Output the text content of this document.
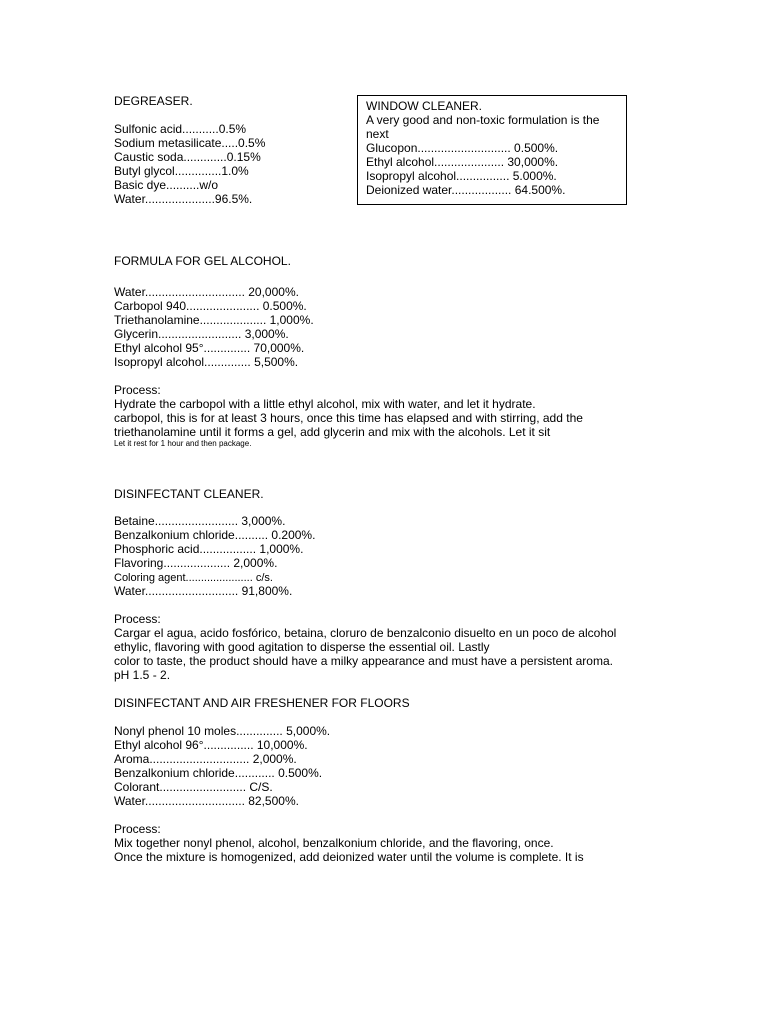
DEGREASER.
Sulfonic acid...........0.5%
Sodium metasilicate.....0.5%
Caustic soda.............0.15%
Butyl glycol..............1.0%
Basic dye..........w/o
Water.....................96.5%.
WINDOW CLEANER.
A very good and non-toxic formulation is the
next
Glucopon............................ 0.500%.
Ethyl alcohol..................... 30,000%.
Isopropyl alcohol................ 5.000%.
Deionized water.................. 64.500%.
FORMULA FOR GEL ALCOHOL.
Water.............................. 20,000%.
Carbopol 940...................... 0.500%.
Triethanolamine.................... 1,000%.
Glycerin......................... 3,000%.
Ethyl alcohol 95°.............. 70,000%.
Isopropyl alcohol.............. 5,500%.
Process:
Hydrate the carbopol with a little ethyl alcohol, mix with water, and let it hydrate.
carbopol, this is for at least 3 hours, once this time has elapsed and with stirring, add the
triethanolamine until it forms a gel, add glycerin and mix with the alcohols. Let it sit
Let it rest for 1 hour and then package.
DISINFECTANT CLEANER.
Betaine......................... 3,000%.
Benzalkonium chloride.......... 0.200%.
Phosphoric acid................. 1,000%.
Flavoring.................... 2,000%.
Coloring agent...................... c/s.
Water............................ 91,800%.
Process:
Cargar el agua, acido fosfórico, betaina, cloruro de benzalconio disuelto en un poco de alcohol
ethylic, flavoring with good agitation to disperse the essential oil. Lastly
color to taste, the product should have a milky appearance and must have a persistent aroma.
pH 1.5 - 2.
DISINFECTANT AND AIR FRESHENER FOR FLOORS
Nonyl phenol 10 moles.............. 5,000%.
Ethyl alcohol 96°............... 10,000%.
Aroma.............................. 2,000%.
Benzalkonium chloride............ 0.500%.
Colorant.......................... C/S.
Water.............................. 82,500%.
Process:
Mix together nonyl phenol, alcohol, benzalkonium chloride, and the flavoring, once.
Once the mixture is homogenized, add deionized water until the volume is complete. It is
